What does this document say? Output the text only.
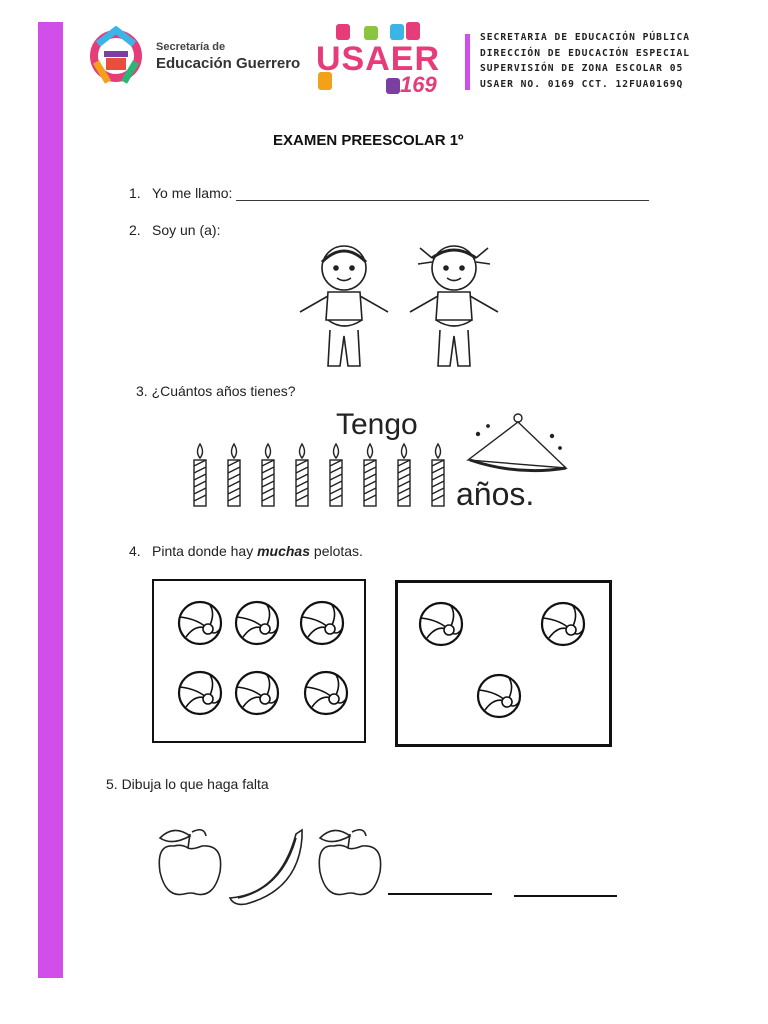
Secretaría de
Educación Guerrero USAER
169
SECRETARIA DE EDUCACIÓN PÚBLICA
DIRECCIÓN DE EDUCACIÓN ESPECIAL
SUPERVISIÓN DE ZONA ESCOLAR 05
USAER NO. 0169 CCT. 12FUA0169Q
EXAMEN PREESCOLAR 1º
1. Yo me llamo: _____________________________________________________
2. Soy un (a):
3. ¿Cuántos años tienes?
Tengo
años.
4. Pinta donde hay muchas pelotas.
5. Dibuja lo que haga falta
